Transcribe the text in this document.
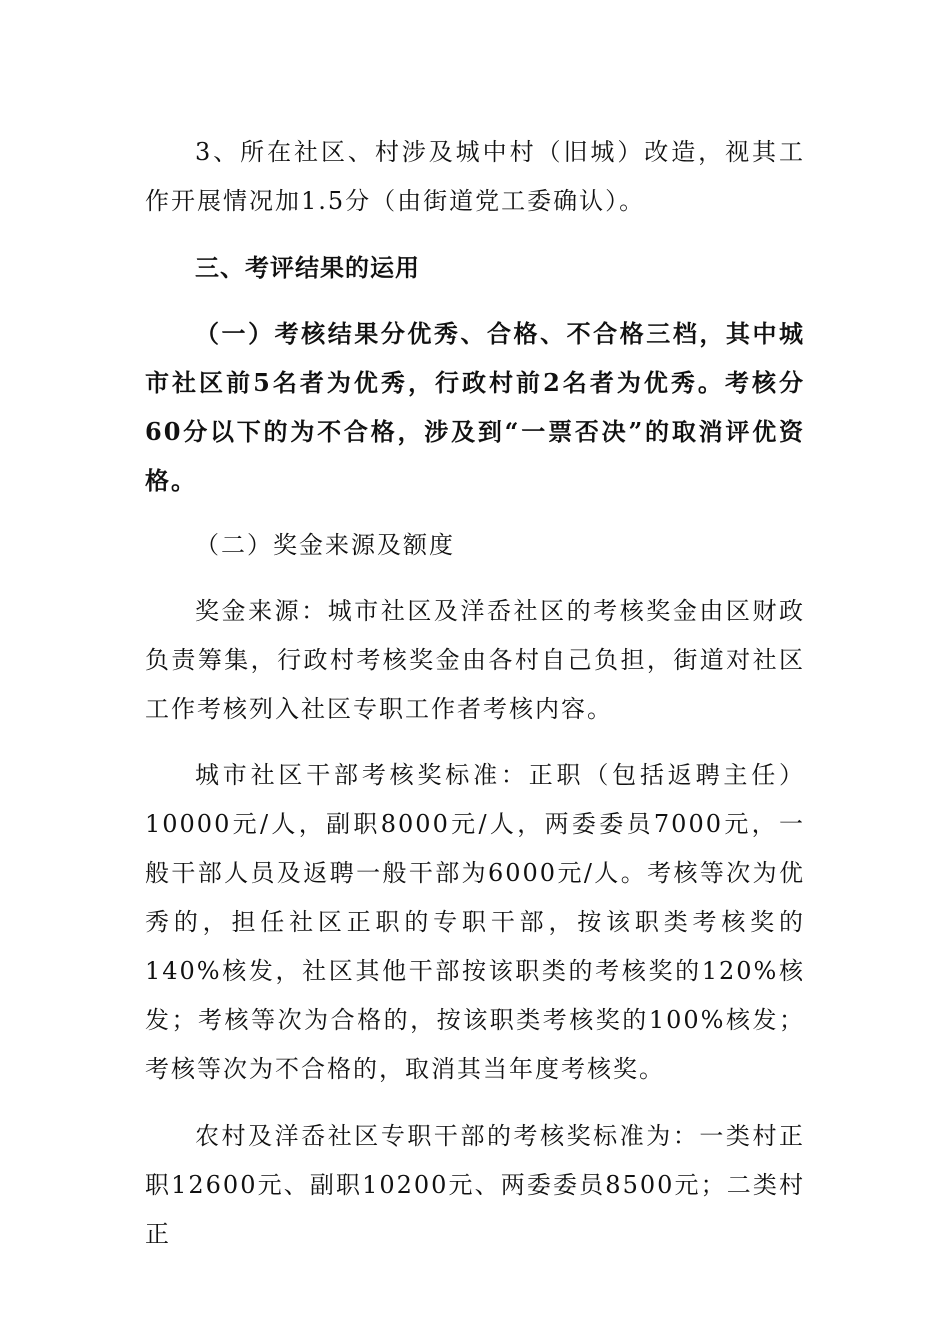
3、所在社区、村涉及城中村（旧城）改造，视其工作开展情况加1.5分（由街道党工委确认）。

三、考评结果的运用

（一）考核结果分优秀、合格、不合格三档，其中城市社区前5名者为优秀，行政村前2名者为优秀。考核分60分以下的为不合格，涉及到“一票否决”的取消评优资格。

（二）奖金来源及额度

奖金来源：城市社区及洋岙社区的考核奖金由区财政负责筹集，行政村考核奖金由各村自己负担，街道对社区工作考核列入社区专职工作者考核内容。

城市社区干部考核奖标准：正职（包括返聘主任）10000元/人，副职8000元/人，两委委员7000元，一般干部人员及返聘一般干部为6000元/人。考核等次为优秀的，担任社区正职的专职干部，按该职类考核奖的140%核发，社区其他干部按该职类的考核奖的120%核发；考核等次为合格的，按该职类考核奖的100%核发；考核等次为不合格的，取消其当年度考核奖。

农村及洋岙社区专职干部的考核奖标准为：一类村正职12600元、副职10200元、两委委员8500元；二类村正
